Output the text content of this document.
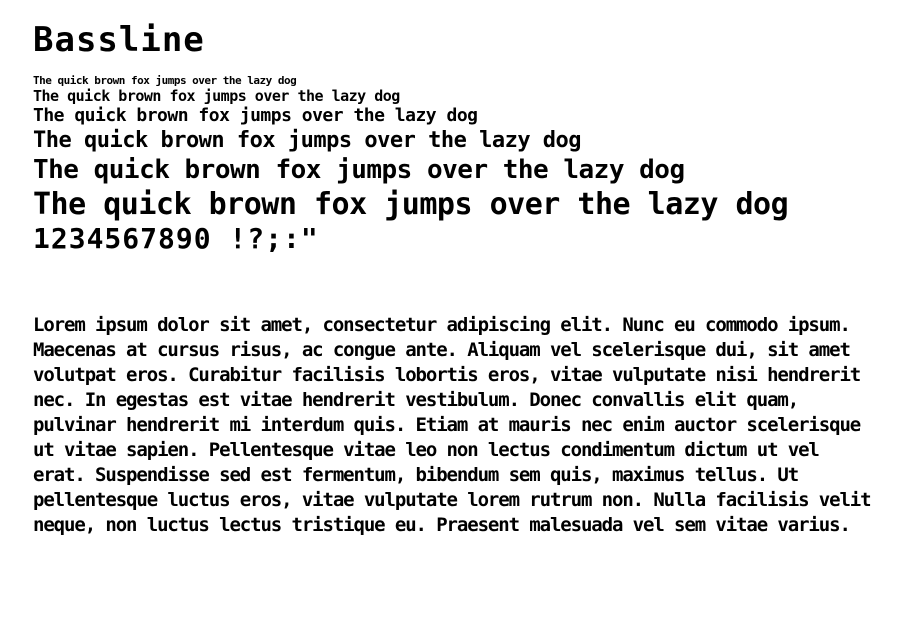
Bassline
The quick brown fox jumps over the lazy dog
The quick brown fox jumps over the lazy dog
The quick brown fox jumps over the lazy dog
The quick brown fox jumps over the lazy dog
The quick brown fox jumps over the lazy dog
The quick brown fox jumps over the lazy dog

1234567890 !?;:"

Lorem ipsum dolor sit amet, consectetur adipiscing elit. Nunc eu commodo ipsum. Maecenas at cursus risus, ac congue ante. Aliquam vel scelerisque dui, sit amet volutpat eros. Curabitur facilisis lobortis eros, vitae vulputate nisi hendrerit nec. In egestas est vitae hendrerit vestibulum. Donec convallis elit quam, pulvinar hendrerit mi interdum quis. Etiam at mauris nec enim auctor scelerisque ut vitae sapien. Pellentesque vitae leo non lectus condimentum dictum ut vel erat. Suspendisse sed est fermentum, bibendum sem quis, maximus tellus. Ut pellentesque luctus eros, vitae vulputate lorem rutrum non. Nulla facilisis velit neque, non luctus lectus tristique eu. Praesent malesuada vel sem vitae varius.
